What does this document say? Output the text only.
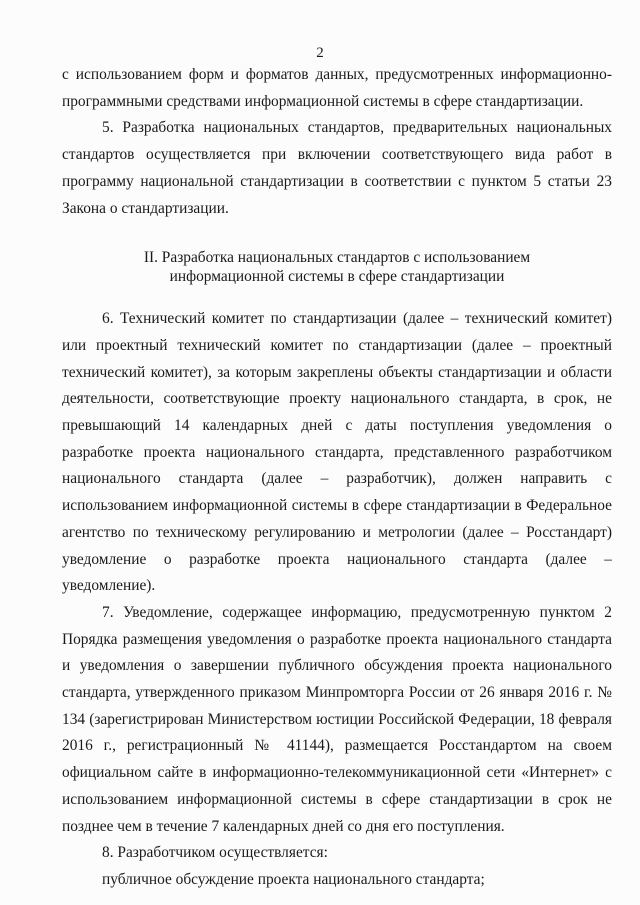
2

с использованием форм и форматов данных, предусмотренных информационно-программными средствами информационной системы в сфере стандартизации.

5. Разработка национальных стандартов, предварительных национальных стандартов осуществляется при включении соответствующего вида работ в программу национальной стандартизации в соответствии с пунктом 5 статьи 23 Закона о стандартизации.

II. Разработка национальных стандартов с использованием информационной системы в сфере стандартизации

6. Технический комитет по стандартизации (далее – технический комитет) или проектный технический комитет по стандартизации (далее – проектный технический комитет), за которым закреплены объекты стандартизации и области деятельности, соответствующие проекту национального стандарта, в срок, не превышающий 14 календарных дней с даты поступления уведомления о разработке проекта национального стандарта, представленного разработчиком национального стандарта (далее – разработчик), должен направить с использованием информационной системы в сфере стандартизации в Федеральное агентство по техническому регулированию и метрологии (далее – Росстандарт) уведомление о разработке проекта национального стандарта (далее – уведомление).

7. Уведомление, содержащее информацию, предусмотренную пунктом 2 Порядка размещения уведомления о разработке проекта национального стандарта и уведомления о завершении публичного обсуждения проекта национального стандарта, утвержденного приказом Минпромторга России от 26 января 2016 г. № 134 (зарегистрирован Министерством юстиции Российской Федерации, 18 февраля 2016 г., регистрационный № 41144), размещается Росстандартом на своем официальном сайте в информационно-телекоммуникационной сети «Интернет» с использованием информационной системы в сфере стандартизации в срок не позднее чем в течение 7 календарных дней со дня его поступления.

8. Разработчиком осуществляется:

публичное обсуждение проекта национального стандарта;
